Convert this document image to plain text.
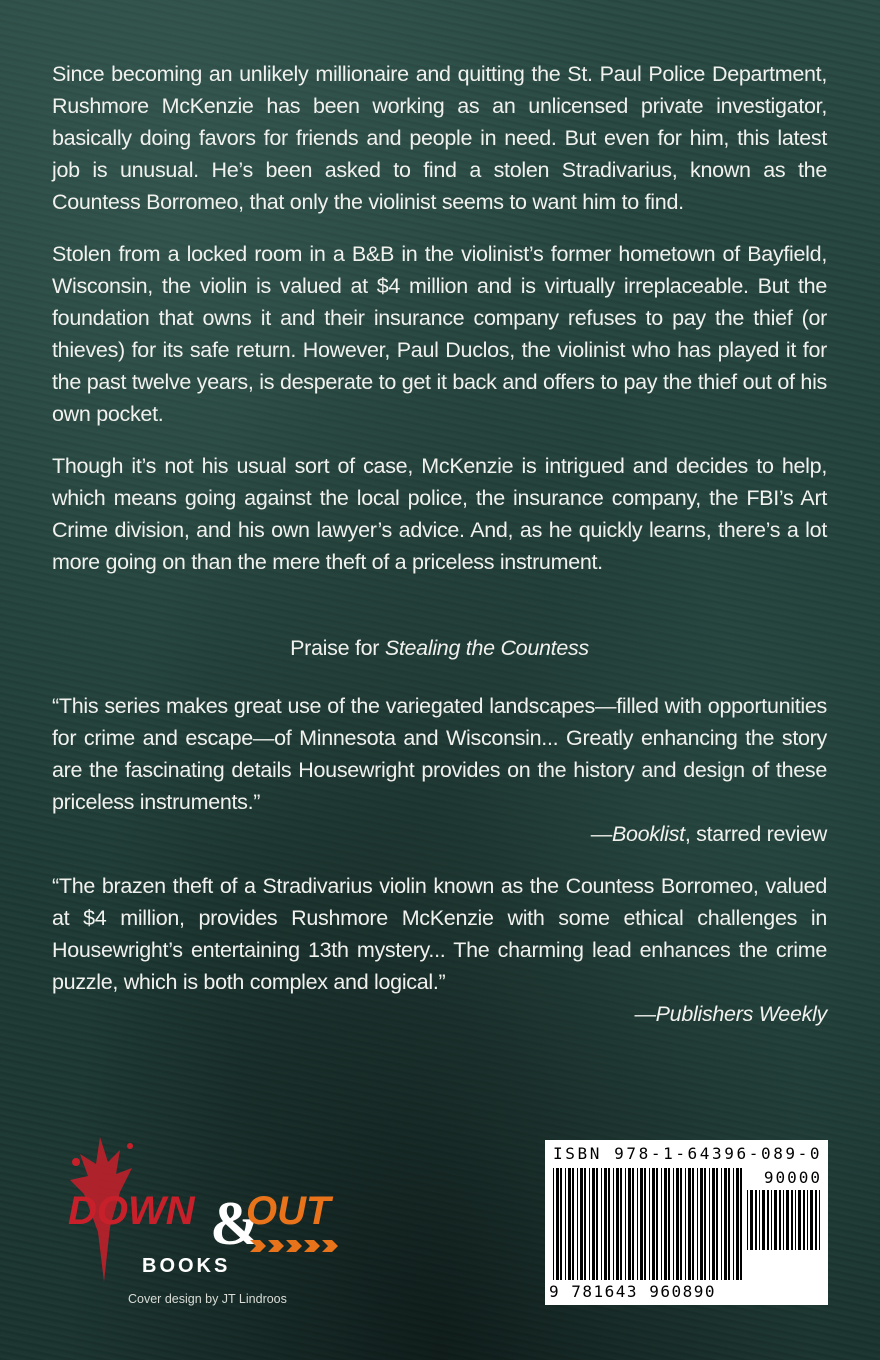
Since becoming an unlikely millionaire and quitting the St. Paul Police Department, Rushmore McKenzie has been working as an unlicensed private investigator, basically doing favors for friends and people in need. But even for him, this latest job is unusual. He’s been asked to find a stolen Stradivarius, known as the Countess Borromeo, that only the violinist seems to want him to find.

Stolen from a locked room in a B&B in the violinist’s former hometown of Bayfield, Wisconsin, the violin is valued at $4 million and is virtually irreplaceable. But the foundation that owns it and their insurance company refuses to pay the thief (or thieves) for its safe return. However, Paul Duclos, the violinist who has played it for the past twelve years, is desperate to get it back and offers to pay the thief out of his own pocket.

Though it’s not his usual sort of case, McKenzie is intrigued and decides to help, which means going against the local police, the insurance company, the FBI’s Art Crime division, and his own lawyer’s advice. And, as he quickly learns, there’s a lot more going on than the mere theft of a priceless instrument.

Praise for Stealing the Countess

“This series makes great use of the variegated landscapes—filled with opportunities for crime and escape—of Minnesota and Wisconsin... Greatly enhancing the story are the fascinating details Housewright provides on the history and design of these priceless instruments.”

—Booklist, starred review

“The brazen theft of a Stradivarius violin known as the Countess Borromeo, valued at $4 million, provides Rushmore McKenzie with some ethical challenges in Housewright’s entertaining 13th mystery... The charming lead enhances the crime puzzle, which is both complex and logical.”

—Publishers Weekly
DOWN &
OUT
BOOKS
Cover design by JT Lindroos
ISBN 978-1-64396-089-0
90000
9 781643 960890
